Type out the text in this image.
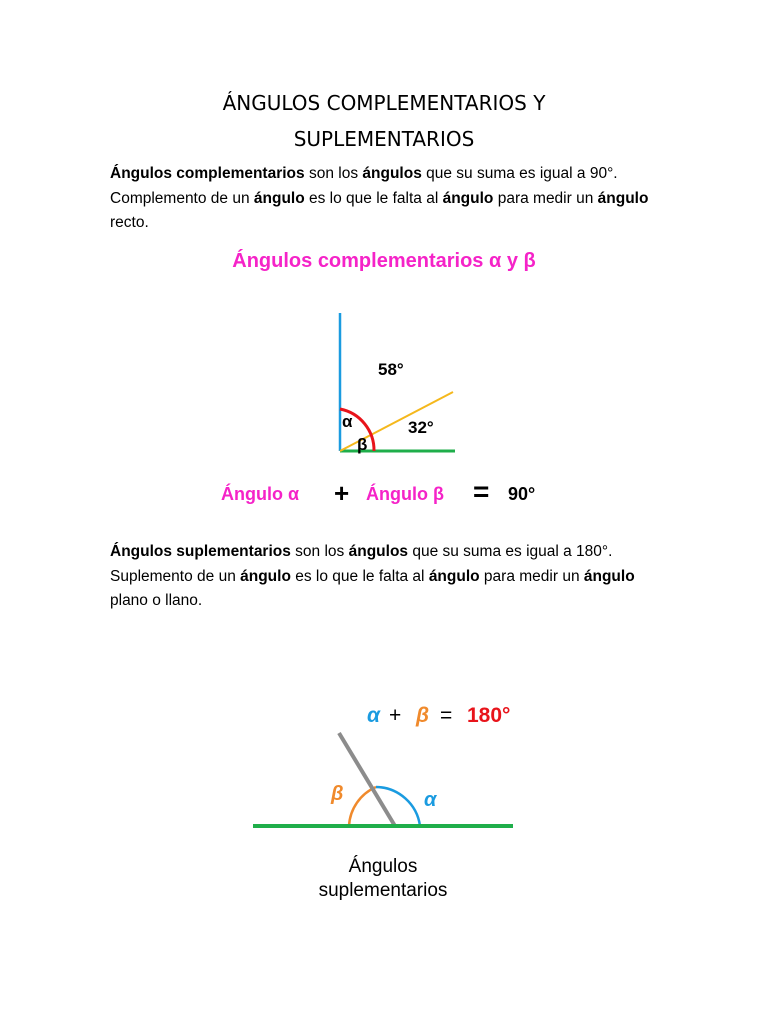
ÁNGULOS COMPLEMENTARIOS Y
SUPLEMENTARIOS
Ángulos complementarios son los ángulos que su suma es igual a 90°. Complemento de un ángulo es lo que le falta al ángulo para medir un ángulo recto.
Ángulos complementarios α y β
58°
32°
α
β
Ángulo α + Ángulo β = 90°
Ángulos suplementarios son los ángulos que su suma es igual a 180°. Suplemento de un ángulo es lo que le falta al ángulo para medir un ángulo plano o llano.
α + β = 180°
β	α
Ángulos
suplementarios
